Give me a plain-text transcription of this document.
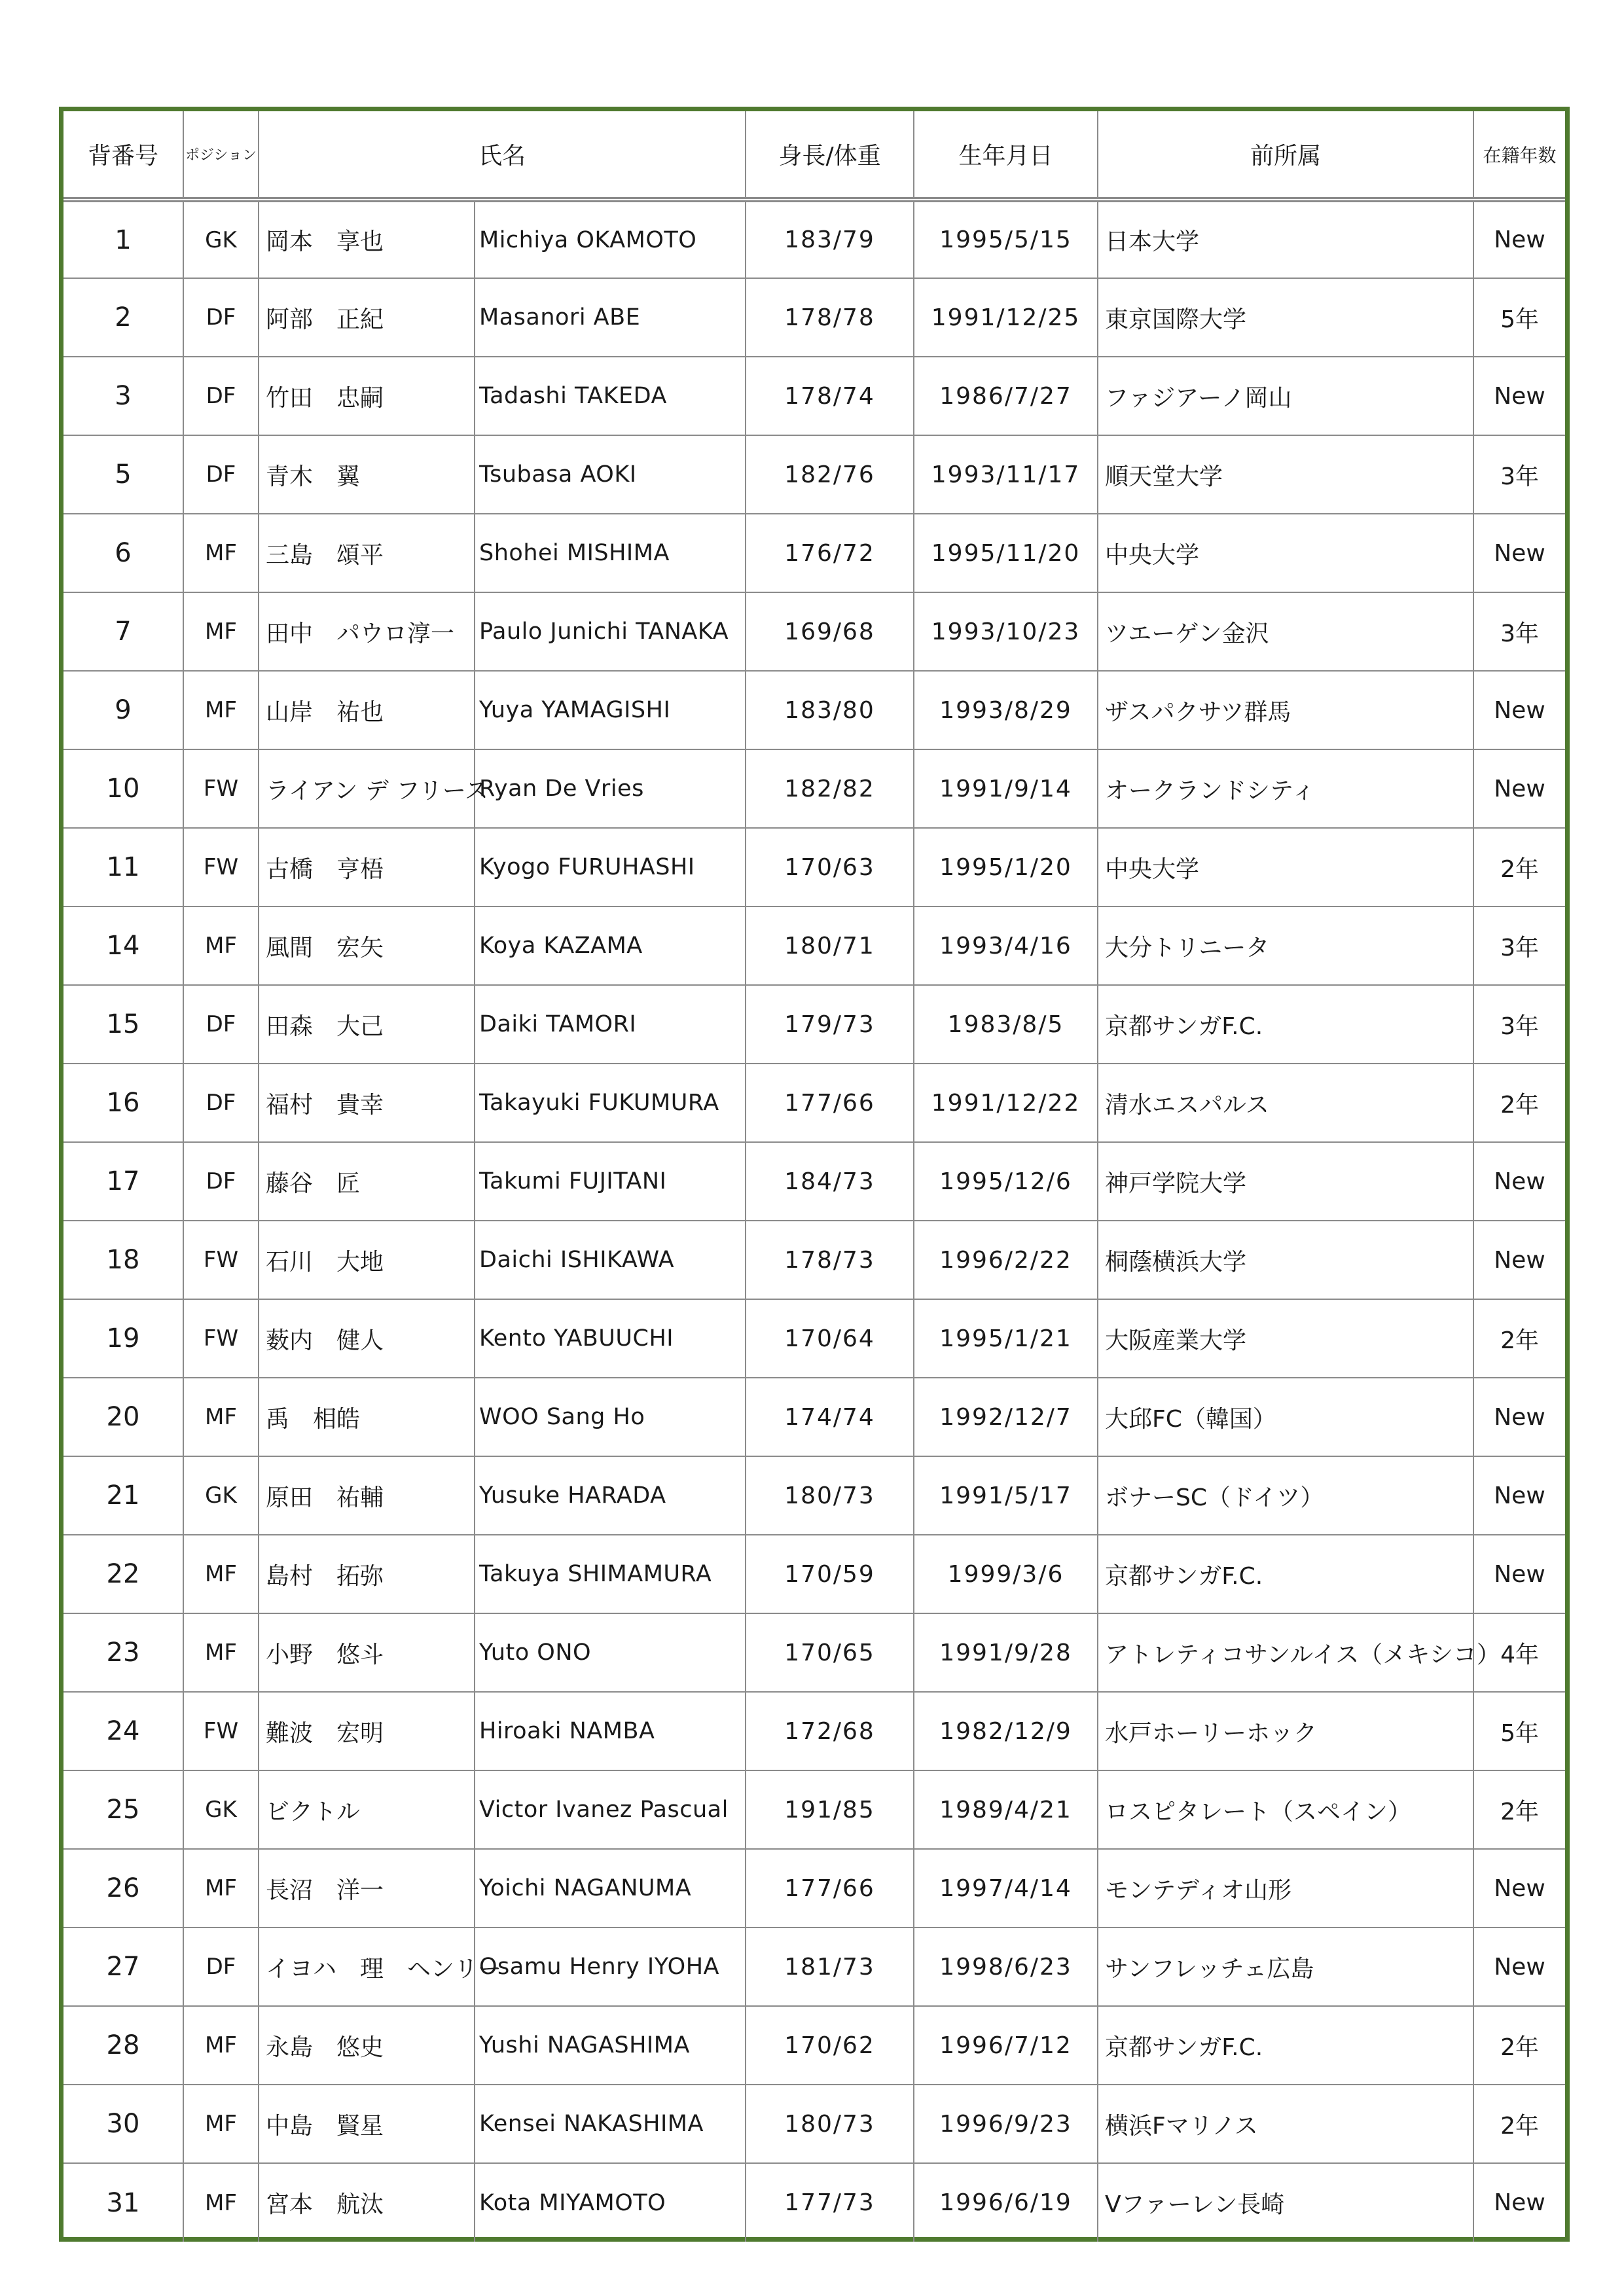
背番号	ポジション	氏名		身長/体重	生年月日	前所属	在籍年数
1	GK	岡本　享也	Michiya OKAMOTO	183/79	1995/5/15	日本大学	New
2	DF	阿部　正紀	Masanori ABE	178/78	1991/12/25	東京国際大学	5年
3	DF	竹田　忠嗣	Tadashi TAKEDA	178/74	1986/7/27	ファジアーノ岡山	New
5	DF	青木　翼	Tsubasa AOKI	182/76	1993/11/17	順天堂大学	3年
6	MF	三島　頌平	Shohei MISHIMA	176/72	1995/11/20	中央大学	New
7	MF	田中　パウロ淳一	Paulo Junichi TANAKA	169/68	1993/10/23	ツエーゲン金沢	3年
9	MF	山岸　祐也	Yuya YAMAGISHI	183/80	1993/8/29	ザスパクサツ群馬	New
10	FW	ライアン デ フリース	Ryan De Vries	182/82	1991/9/14	オークランドシティ	New
11	FW	古橋　亨梧	Kyogo FURUHASHI	170/63	1995/1/20	中央大学	2年
14	MF	風間　宏矢	Koya KAZAMA	180/71	1993/4/16	大分トリニータ	3年
15	DF	田森　大己	Daiki TAMORI	179/73	1983/8/5	京都サンガF.C.	3年
16	DF	福村　貴幸	Takayuki FUKUMURA	177/66	1991/12/22	清水エスパルス	2年
17	DF	藤谷　匠	Takumi FUJITANI	184/73	1995/12/6	神戸学院大学	New
18	FW	石川　大地	Daichi ISHIKAWA	178/73	1996/2/22	桐蔭横浜大学	New
19	FW	薮内　健人	Kento YABUUCHI	170/64	1995/1/21	大阪産業大学	2年
20	MF	禹　相皓	WOO Sang Ho	174/74	1992/12/7	大邱FC（韓国）	New
21	GK	原田　祐輔	Yusuke HARADA	180/73	1991/5/17	ボナーSC（ドイツ）	New
22	MF	島村　拓弥	Takuya SHIMAMURA	170/59	1999/3/6	京都サンガF.C.	New
23	MF	小野　悠斗	Yuto ONO	170/65	1991/9/28	アトレティコサンルイス（メキシコ）	4年
24	FW	難波　宏明	Hiroaki NAMBA	172/68	1982/12/9	水戸ホーリーホック	5年
25	GK	ビクトル	Victor Ivanez Pascual	191/85	1989/4/21	ロスピタレート（スペイン）	2年
26	MF	長沼　洋一	Yoichi NAGANUMA	177/66	1997/4/14	モンテディオ山形	New
27	DF	イヨハ　理　ヘンリー	Osamu Henry IYOHA	181/73	1998/6/23	サンフレッチェ広島	New
28	MF	永島　悠史	Yushi NAGASHIMA	170/62	1996/7/12	京都サンガF.C.	2年
30	MF	中島　賢星	Kensei NAKASHIMA	180/73	1996/9/23	横浜Fマリノス	2年
31	MF	宮本　航汰	Kota MIYAMOTO	177/73	1996/6/19	Vファーレン長崎	New
